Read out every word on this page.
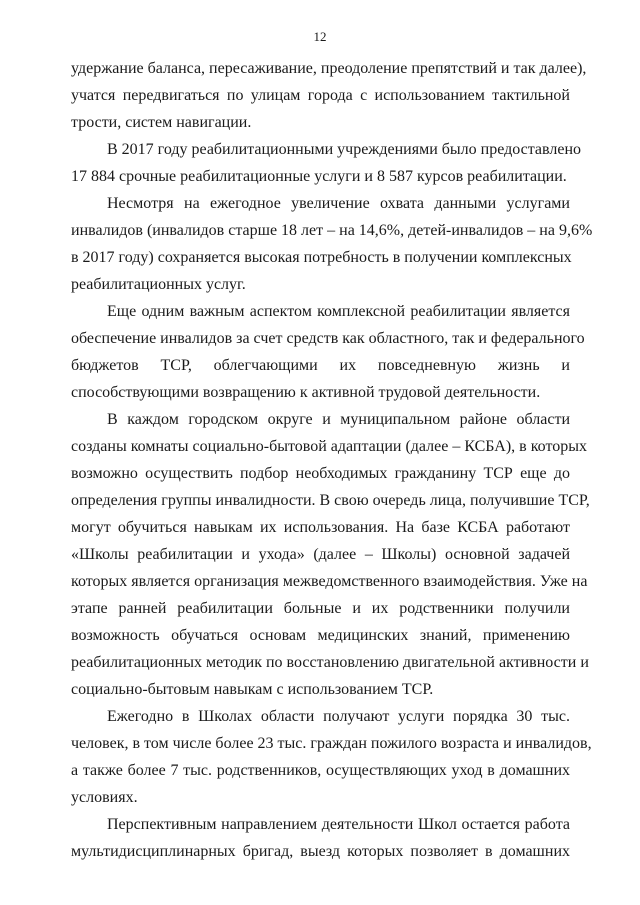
12
удержание баланса, пересаживание, преодоление препятствий и так далее),
учатся передвигаться по улицам города с использованием тактильной
трости, систем навигации.
В 2017 году реабилитационными учреждениями было предоставлено
17 884 срочные реабилитационные услуги и 8 587 курсов реабилитации.
Несмотря на ежегодное увеличение охвата данными услугами
инвалидов (инвалидов старше 18 лет – на 14,6%, детей-инвалидов – на 9,6%
в 2017 году) сохраняется высокая потребность в получении комплексных
реабилитационных услуг.
Еще одним важным аспектом комплексной реабилитации является
обеспечение инвалидов за счет средств как областного, так и федерального
бюджетов ТСР, облегчающими их повседневную жизнь и
способствующими возвращению к активной трудовой деятельности.
В каждом городском округе и муниципальном районе области
созданы комнаты социально-бытовой адаптации (далее – КСБА), в которых
возможно осуществить подбор необходимых гражданину ТСР еще до
определения группы инвалидности. В свою очередь лица, получившие ТСР,
могут обучиться навыкам их использования. На базе КСБА работают
«Школы реабилитации и ухода» (далее – Школы) основной задачей
которых является организация межведомственного взаимодействия. Уже на
этапе ранней реабилитации больные и их родственники получили
возможность обучаться основам медицинских знаний, применению
реабилитационных методик по восстановлению двигательной активности и
социально-бытовым навыкам с использованием ТСР.
Ежегодно в Школах области получают услуги порядка 30 тыс.
человек, в том числе более 23 тыс. граждан пожилого возраста и инвалидов,
а также более 7 тыс. родственников, осуществляющих уход в домашних
условиях.
Перспективным направлением деятельности Школ остается работа
мультидисциплинарных бригад, выезд которых позволяет в домашних
